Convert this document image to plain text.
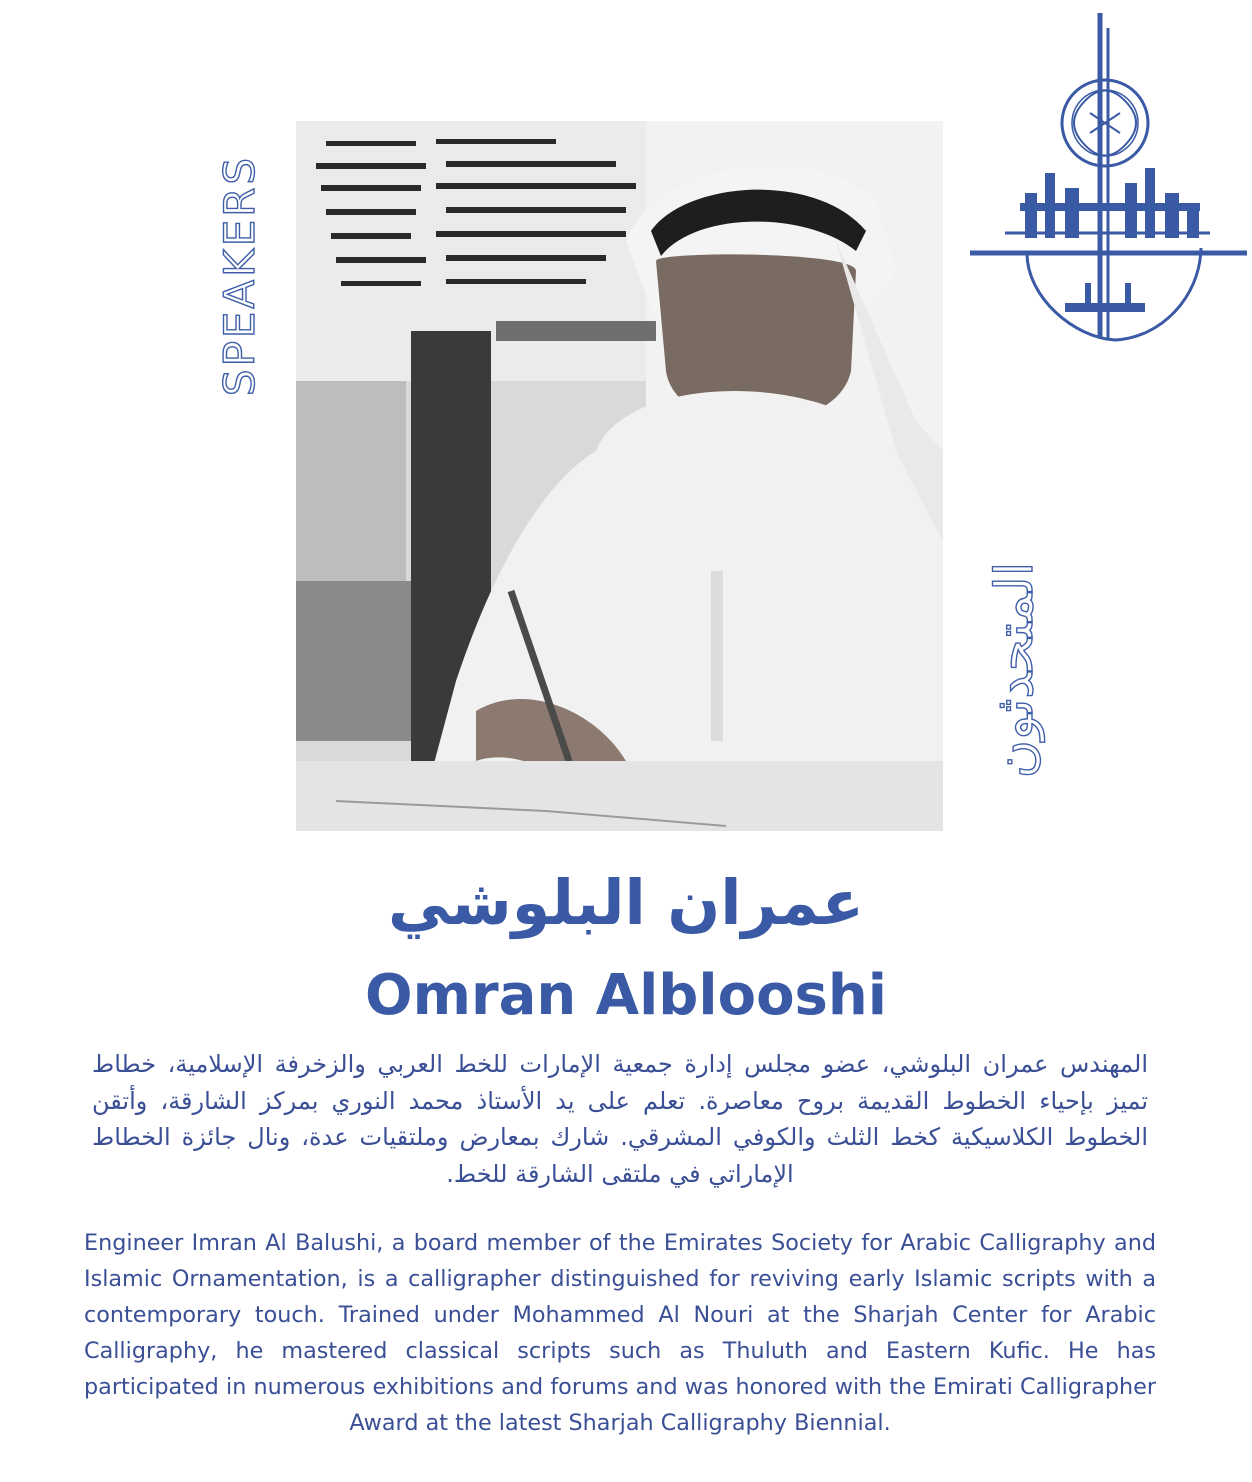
SPEAKERS
المتحدثون
عمران البلوشي
Omran Alblooshi
المهندس عمران البلوشي، عضو مجلس إدارة جمعية الإمارات للخط العربي والزخرفة الإسلامية، خطاط تميز بإحياء الخطوط القديمة بروح معاصرة. تعلم على يد الأستاذ محمد النوري بمركز الشارقة، وأتقن الخطوط الكلاسيكية كخط الثلث والكوفي المشرقي. شارك بمعارض وملتقيات عدة، ونال جائزة الخطاط الإماراتي في ملتقى الشارقة للخط.
Engineer Imran Al Balushi, a board member of the Emirates Society for Arabic Calligraphy and Islamic Ornamentation, is a calligrapher distinguished for reviving early Islamic scripts with a contemporary touch. Trained under Mohammed Al Nouri at the Sharjah Center for Arabic Calligraphy, he mastered classical scripts such as Thuluth and Eastern Kufic. He has participated in numerous exhibitions and forums and was honored with the Emirati Calligrapher Award at the latest Sharjah Calligraphy Biennial.
